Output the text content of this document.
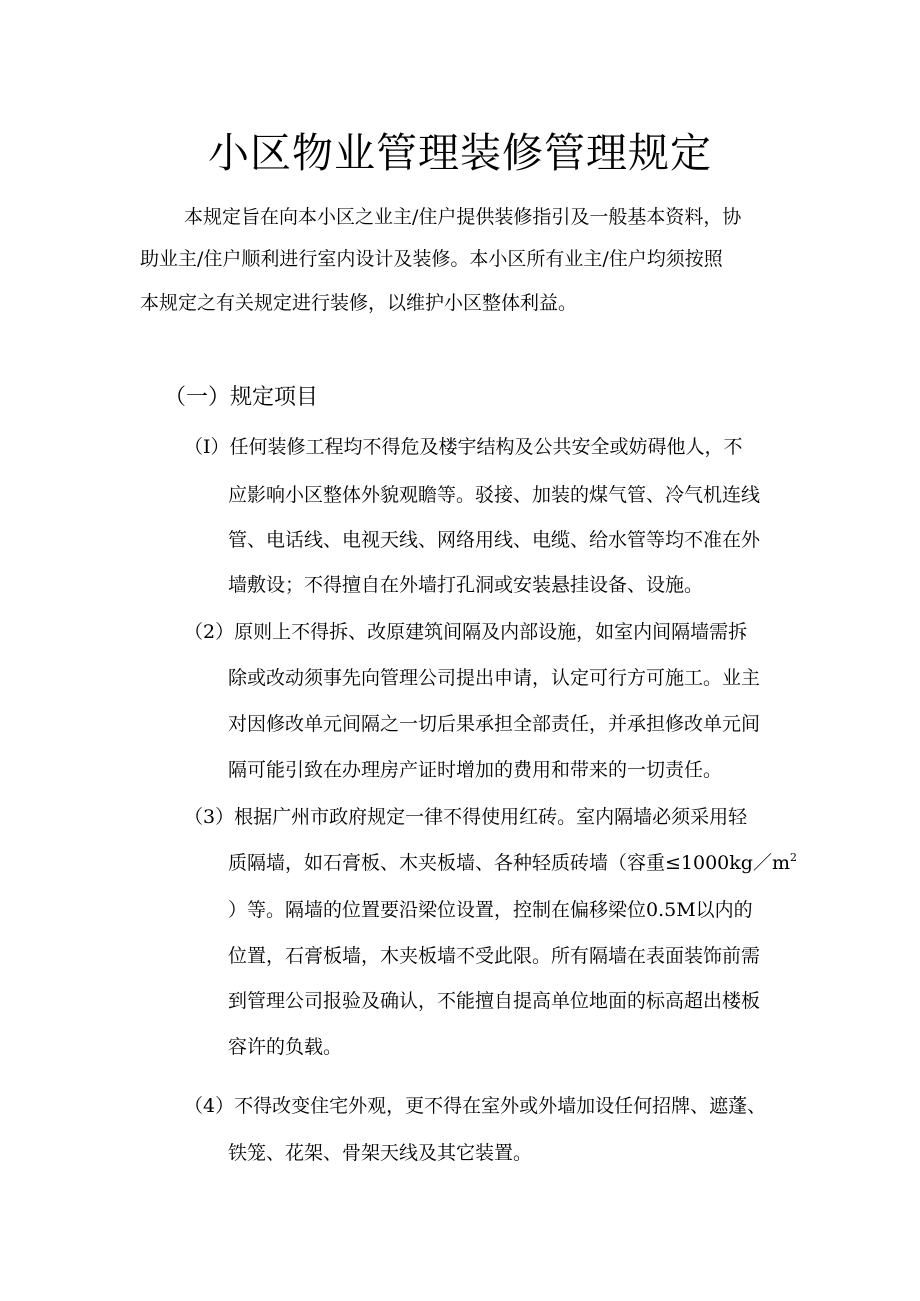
小区物业管理装修管理规定

本规定旨在向本小区之业主/住户提供装修指引及一般基本资料，协

助业主/住户顺利进行室内设计及装修。本小区所有业主/住户均须按照

本规定之有关规定进行装修，以维护小区整体利益。

（一）规定项目

（I）任何装修工程均不得危及楼宇结构及公共安全或妨碍他人，不

应影响小区整体外貌观瞻等。驳接、加装的煤气管、冷气机连线

管、电话线、电视天线、网络用线、电缆、给水管等均不准在外

墙敷设；不得擅自在外墙打孔洞或安装悬挂设备、设施。

（2）原则上不得拆、改原建筑间隔及内部设施，如室内间隔墙需拆

除或改动须事先向管理公司提出申请，认定可行方可施工。业主

对因修改单元间隔之一切后果承担全部责任，并承担修改单元间

隔可能引致在办理房产证时增加的费用和带来的一切责任。

（3）根据广州市政府规定一律不得使用红砖。室内隔墙必须采用轻

质隔墙，如石膏板、木夹板墙、各种轻质砖墙（容重$\le 1000kg/m^2$

）等。隔墙的位置要沿梁位设置，控制在偏移梁位0.5M以内的

位置，石膏板墙，木夹板墙不受此限。所有隔墙在表面装饰前需

到管理公司报验及确认，不能擅自提高单位地面的标高超出楼板

容许的负载。

（4）不得改变住宅外观，更不得在室外或外墙加设任何招牌、遮蓬、

铁笼、花架、骨架天线及其它装置。
